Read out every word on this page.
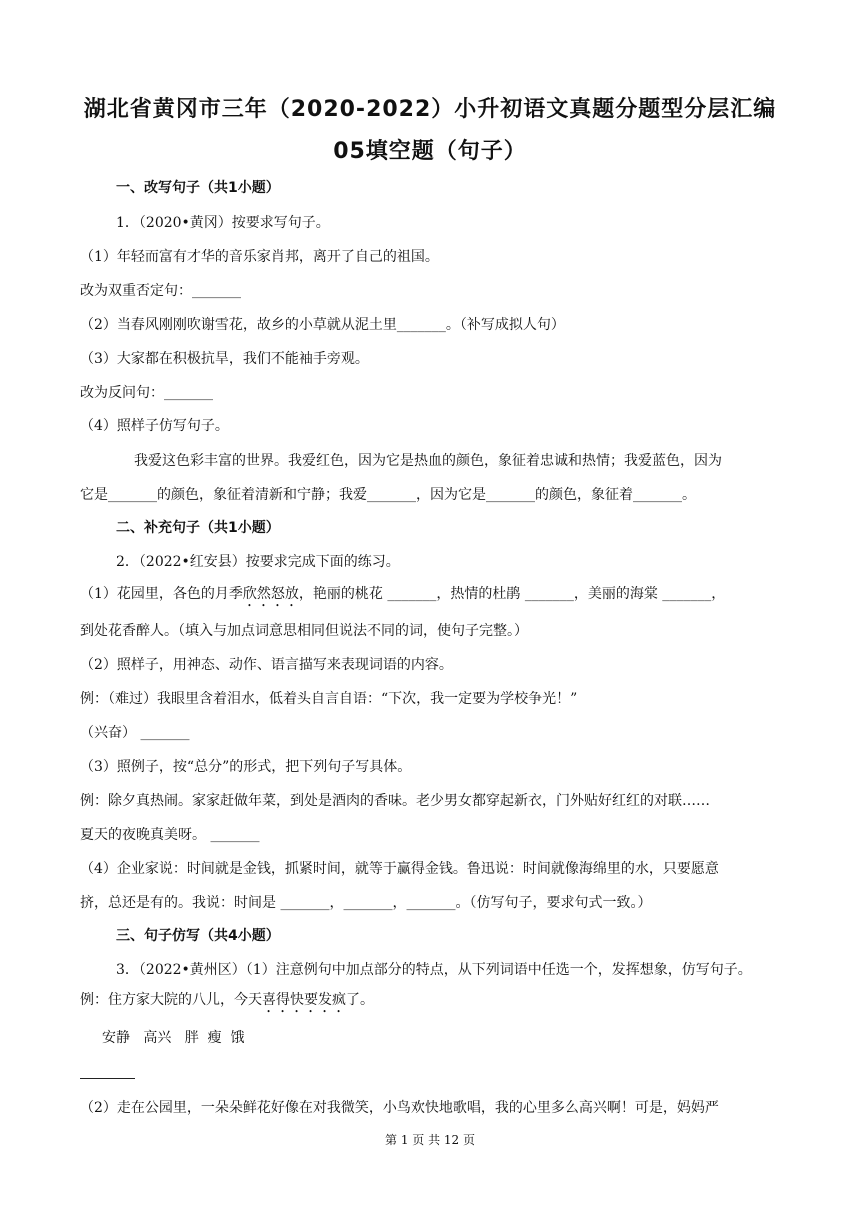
湖北省黄冈市三年（2020-2022）小升初语文真题分题型分层汇编
05填空题（句子）
一、改写句子（共1小题）
1．（2020•黄冈）按要求写句子。
（1）年轻而富有才华的音乐家肖邦，离开了自己的祖国。
改为双重否定句：_______
（2）当春风刚刚吹谢雪花，故乡的小草就从泥土里_______。（补写成拟人句）
（3）大家都在积极抗旱，我们不能袖手旁观。
改为反问句：_______
（4）照样子仿写句子。
我爱这色彩丰富的世界。我爱红色，因为它是热血的颜色，象征着忠诚和热情；我爱蓝色，因为
它是_______的颜色，象征着清新和宁静；我爱_______，因为它是_______的颜色，象征着_______。
二、补充句子（共1小题）
2．（2022•红安县）按要求完成下面的练习。
（1）花园里，各色的月季欣然怒放，艳丽的桃花 _______，热情的杜鹃 _______，美丽的海棠 _______，
到处花香醉人。（填入与加点词意思相同但说法不同的词，使句子完整。）
（2）照样子，用神态、动作、语言描写来表现词语的内容。
例：（难过）我眼里含着泪水，低着头自言自语：“下次，我一定要为学校争光！”
（兴奋） _______
（3）照例子，按“总分”的形式，把下列句子写具体。
例：除夕真热闹。家家赶做年菜，到处是酒肉的香味。老少男女都穿起新衣，门外贴好红红的对联……
夏天的夜晚真美呀。 _______
（4）企业家说：时间就是金钱，抓紧时间，就等于赢得金钱。鲁迅说：时间就像海绵里的水，只要愿意
挤，总还是有的。我说：时间是 _______，_______，_______。（仿写句子，要求句式一致。）
三、句子仿写（共4小题）
3．（2022•黄州区）（1）注意例句中加点部分的特点，从下列词语中任选一个，发挥想象，仿写句子。
例：住方家大院的八儿，今天喜得快要发疯了。
安静   高兴   胖  瘦  饿
（2）走在公园里，一朵朵鲜花好像在对我微笑，小鸟欢快地歌唱，我的心里多么高兴啊！可是，妈妈严
第 1 页 共 12 页
